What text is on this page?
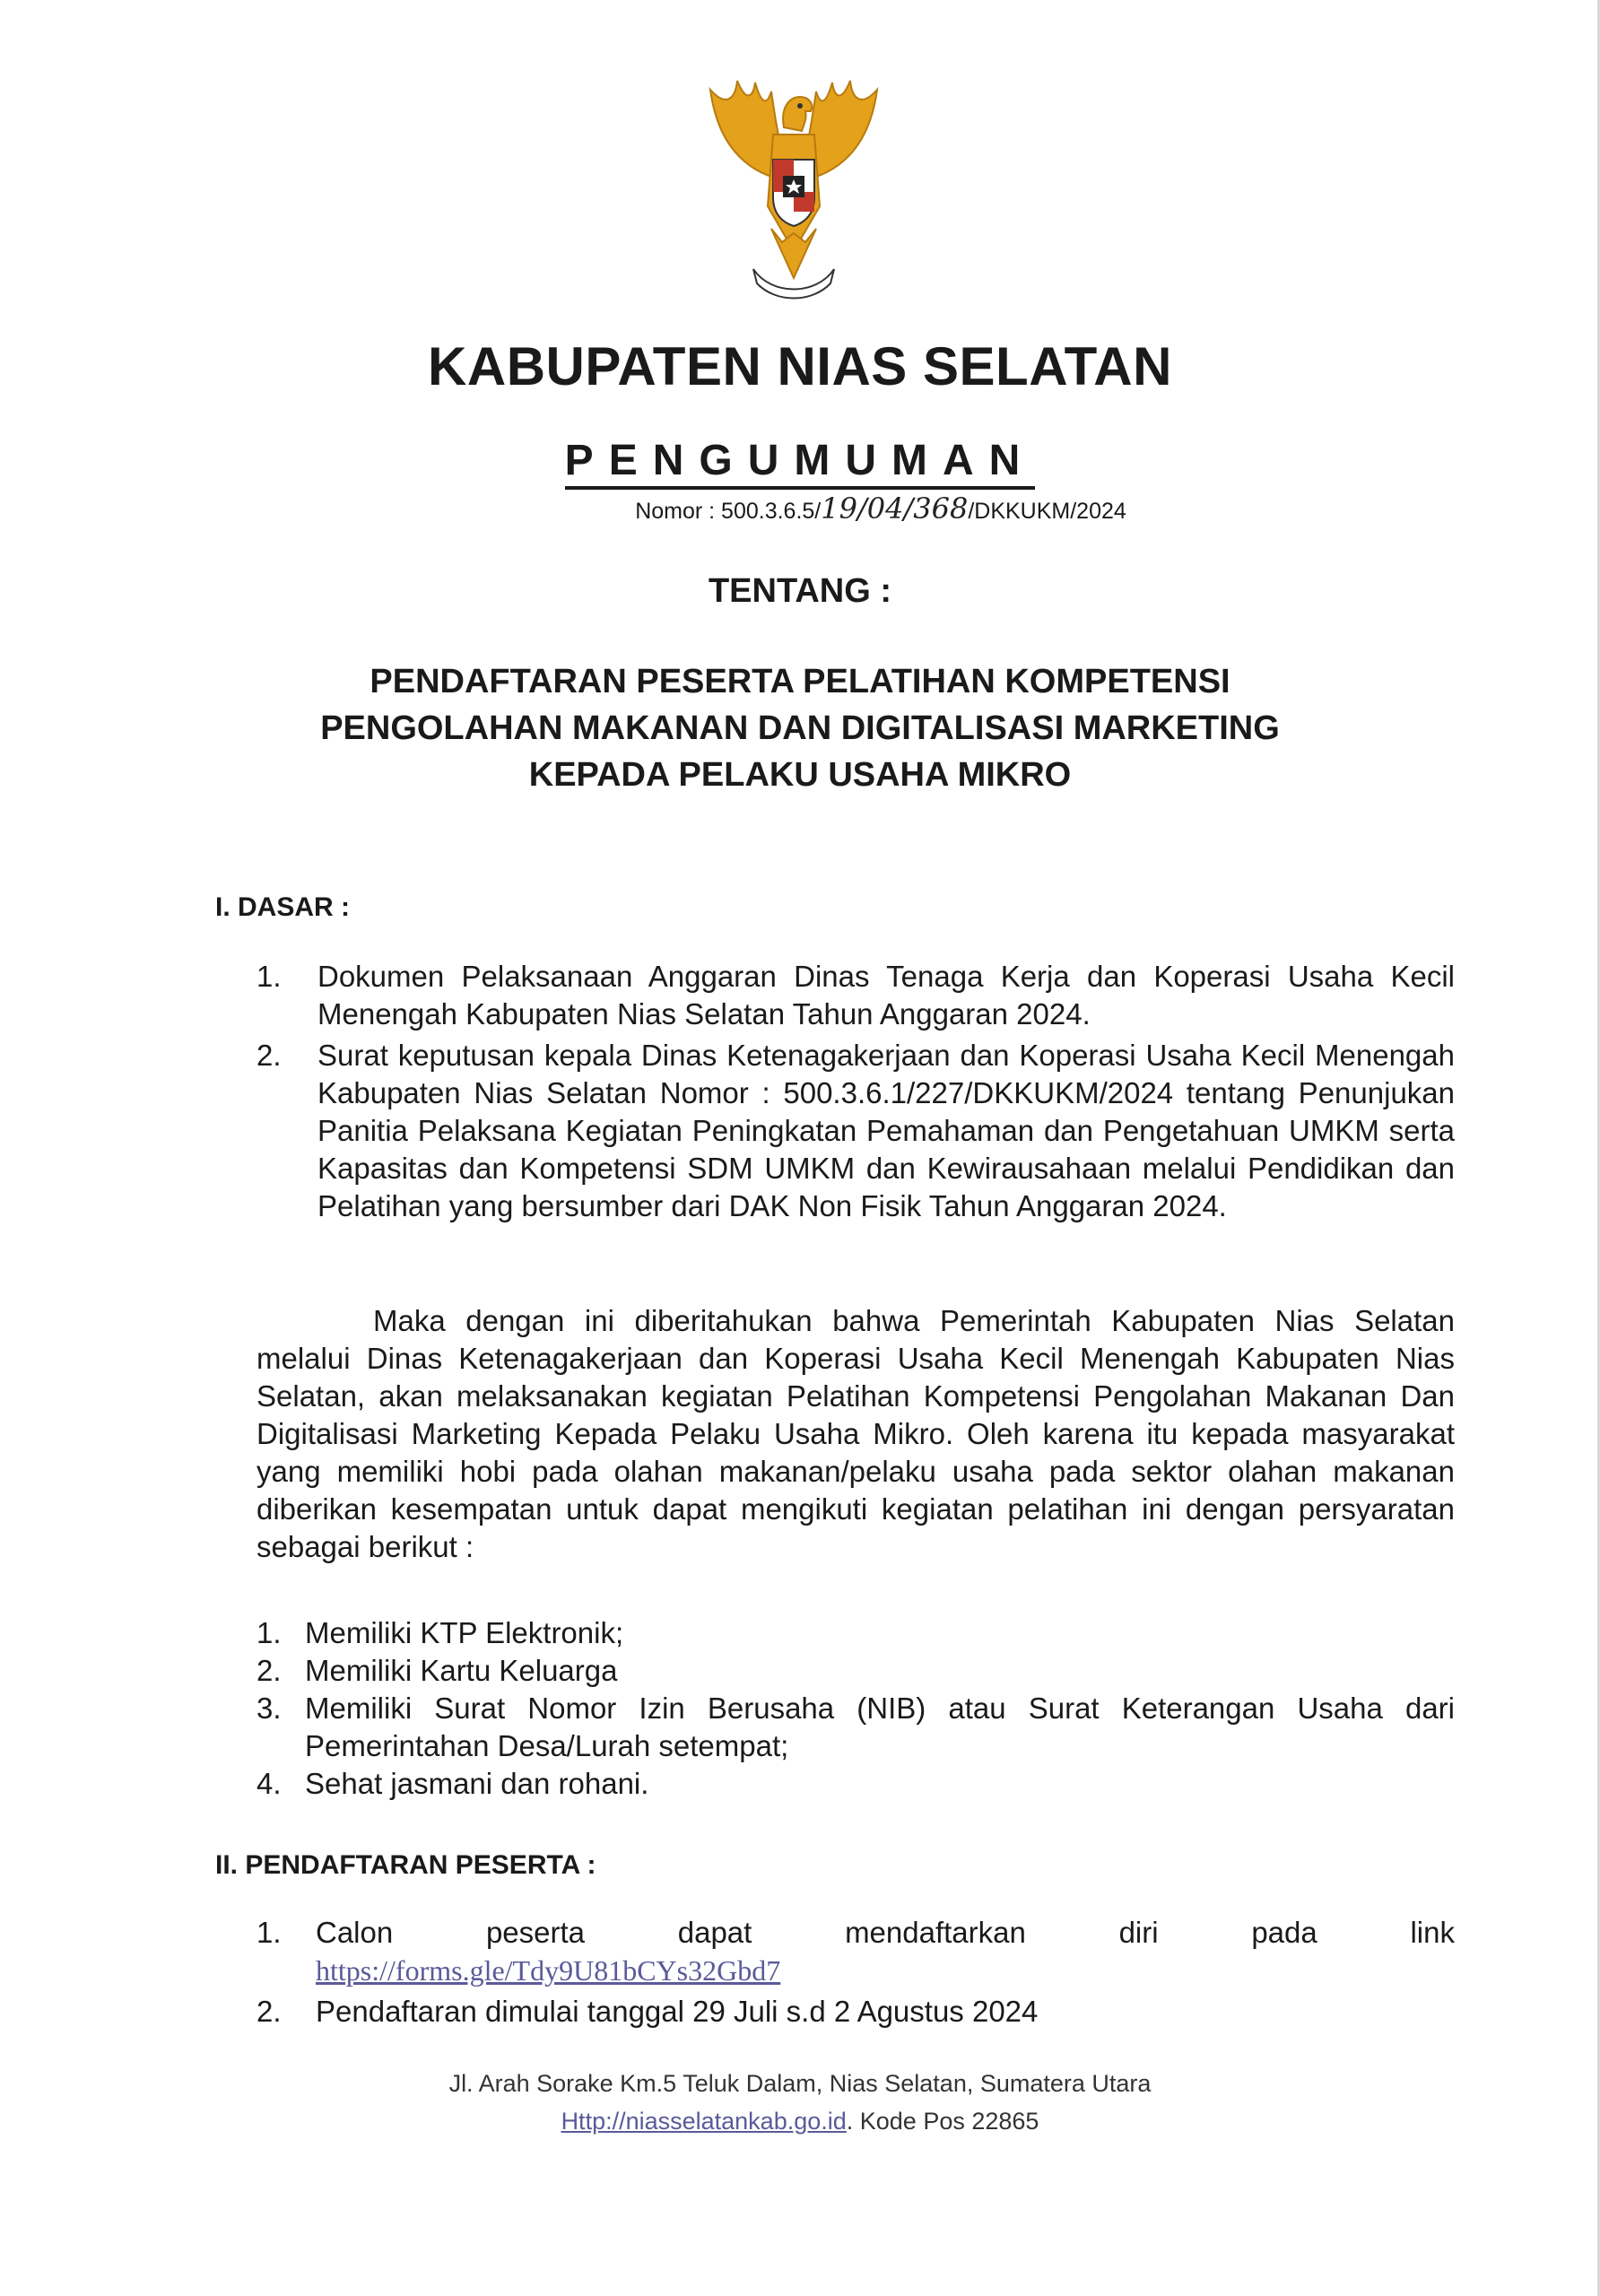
KABUPATEN NIAS SELATAN
PENGUMUMAN
Nomor : 500.3.6.5/19/04/368/DKKUKM/2024
TENTANG :
PENDAFTARAN PESERTA PELATIHAN KOMPETENSI
PENGOLAHAN MAKANAN DAN DIGITALISASI MARKETING
KEPADA PELAKU USAHA MIKRO
I. DASAR :
1. Dokumen Pelaksanaan Anggaran Dinas Tenaga Kerja dan Koperasi Usaha Kecil Menengah Kabupaten Nias Selatan Tahun Anggaran 2024.
2. Surat keputusan kepala Dinas Ketenagakerjaan dan Koperasi Usaha Kecil Menengah Kabupaten Nias Selatan Nomor : 500.3.6.1/227/DKKUKM/2024 tentang Penunjukan Panitia Pelaksana Kegiatan Peningkatan Pemahaman dan Pengetahuan UMKM serta Kapasitas dan Kompetensi SDM UMKM dan Kewirausahaan melalui Pendidikan dan Pelatihan yang bersumber dari DAK Non Fisik Tahun Anggaran 2024.

Maka dengan ini diberitahukan bahwa Pemerintah Kabupaten Nias Selatan melalui Dinas Ketenagakerjaan dan Koperasi Usaha Kecil Menengah Kabupaten Nias Selatan, akan melaksanakan kegiatan Pelatihan Kompetensi Pengolahan Makanan Dan Digitalisasi Marketing Kepada Pelaku Usaha Mikro. Oleh karena itu kepada masyarakat yang memiliki hobi pada olahan makanan/pelaku usaha pada sektor olahan makanan diberikan kesempatan untuk dapat mengikuti kegiatan pelatihan ini dengan persyaratan sebagai berikut :

1. Memiliki KTP Elektronik;
2. Memiliki Kartu Keluarga
3. Memiliki Surat Nomor Izin Berusaha (NIB) atau Surat Keterangan Usaha dari Pemerintahan Desa/Lurah setempat;
4. Sehat jasmani dan rohani.
II. PENDAFTARAN PESERTA :
1. Calon	peserta	dapat	mendaftarkan	diri	pada	link
https://forms.gle/Tdy9U81bCYs32Gbd7
2. Pendaftaran dimulai tanggal 29 Juli s.d 2 Agustus 2024
Jl. Arah Sorake Km.5 Teluk Dalam, Nias Selatan, Sumatera Utara
Http://niasselatankab.go.id. Kode Pos 22865
